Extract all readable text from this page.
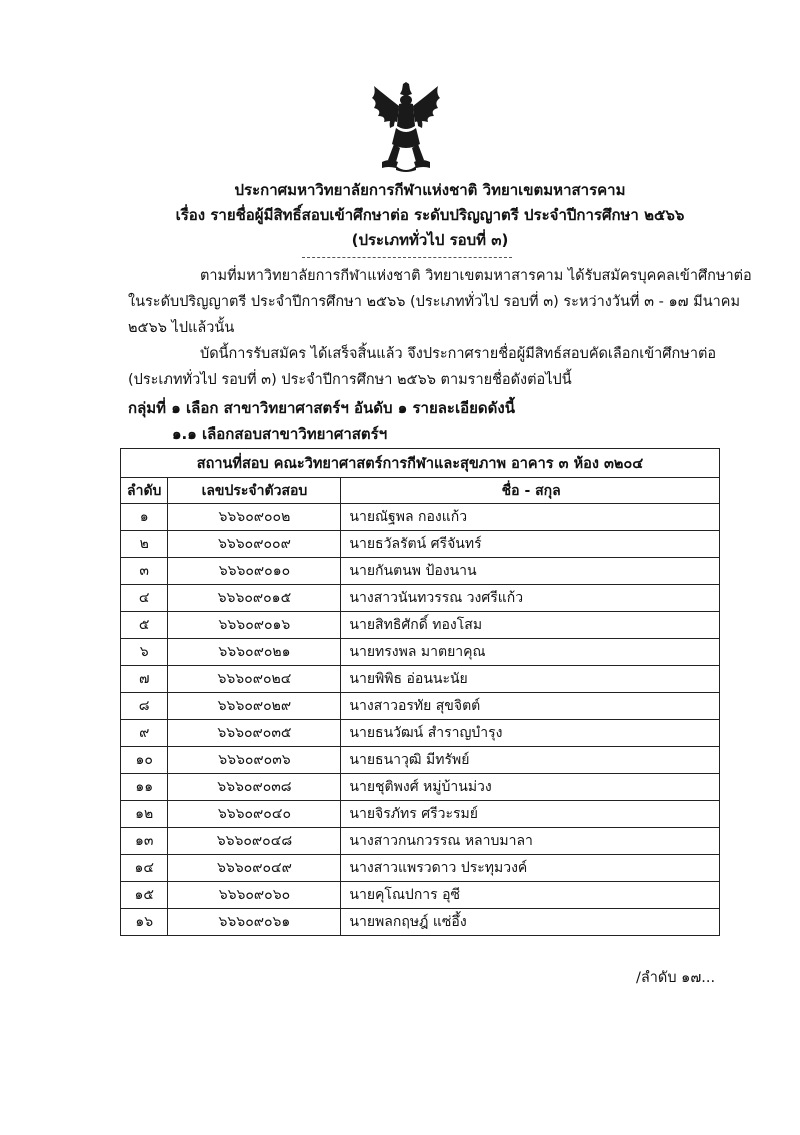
ประกาศมหาวิทยาลัยการกีฬาแห่งชาติ วิทยาเขตมหาสารคาม
เรื่อง รายชื่อผู้มีสิทธิ์สอบเข้าศึกษาต่อ ระดับปริญญาตรี ประจำปีการศึกษา ๒๕๖๖
(ประเภททั่วไป รอบที่ ๓)
ตามที่มหาวิทยาลัยการกีฬาแห่งชาติ วิทยาเขตมหาสารคาม ได้รับสมัครบุคคลเข้าศึกษาต่อ
ในระดับปริญญาตรี ประจำปีการศึกษา ๒๕๖๖ (ประเภททั่วไป รอบที่ ๓) ระหว่างวันที่ ๓ - ๑๗ มีนาคม
๒๕๖๖ ไปแล้วนั้น
บัดนี้การรับสมัคร ได้เสร็จสิ้นแล้ว จึงประกาศรายชื่อผู้มีสิทธ์สอบคัดเลือกเข้าศึกษาต่อ
(ประเภททั่วไป รอบที่ ๓) ประจำปีการศึกษา ๒๕๖๖ ตามรายชื่อดังต่อไปนี้
กลุ่มที่ ๑ เลือก สาขาวิทยาศาสตร์ฯ อันดับ ๑ รายละเอียดดังนี้
๑.๑ เลือกสอบสาขาวิทยาศาสตร์ฯ
สถานที่สอบ คณะวิทยาศาสตร์การกีฬาและสุขภาพ อาคาร ๓ ห้อง ๓๒๐๔		
ลำดับ	เลขประจำตัวสอบ	ชื่อ - สกุล
๑	๖๖๖๐๙๐๐๒	นายณัฐพล กองแก้ว
๒	๖๖๖๐๙๐๐๙	นายธวัลรัตน์ ศรีจันทร์
๓	๖๖๖๐๙๐๑๐	นายกันตนพ ป้องนาน
๔	๖๖๖๐๙๐๑๕	นางสาวนันทวรรณ วงศรีแก้ว
๕	๖๖๖๐๙๐๑๖	นายสิทธิศักดิ์ ทองโสม
๖	๖๖๖๐๙๐๒๑	นายทรงพล มาตยาคุณ
๗	๖๖๖๐๙๐๒๔	นายพิพิธ อ่อนนะนัย
๘	๖๖๖๐๙๐๒๙	นางสาวอรทัย สุขจิตต์
๙	๖๖๖๐๙๐๓๕	นายธนวัฒน์ สำราญบำรุง
๑๐	๖๖๖๐๙๐๓๖	นายธนาวุฒิ มีทรัพย์
๑๑	๖๖๖๐๙๐๓๘	นายชุติพงศ์ หมู่บ้านม่วง
๑๒	๖๖๖๐๙๐๔๐	นายจิรภัทร ศรีวะรมย์
๑๓	๖๖๖๐๙๐๔๘	นางสาวกนกวรรณ หลาบมาลา
๑๔	๖๖๖๐๙๐๔๙	นางสาวแพรวดาว ประทุมวงค์
๑๕	๖๖๖๐๙๐๖๐	นายคุโณปการ อุซี
๑๖	๖๖๖๐๙๐๖๑	นายพลกฤษฎ์ แซ่อึ้ง
/ลำดับ ๑๗...
